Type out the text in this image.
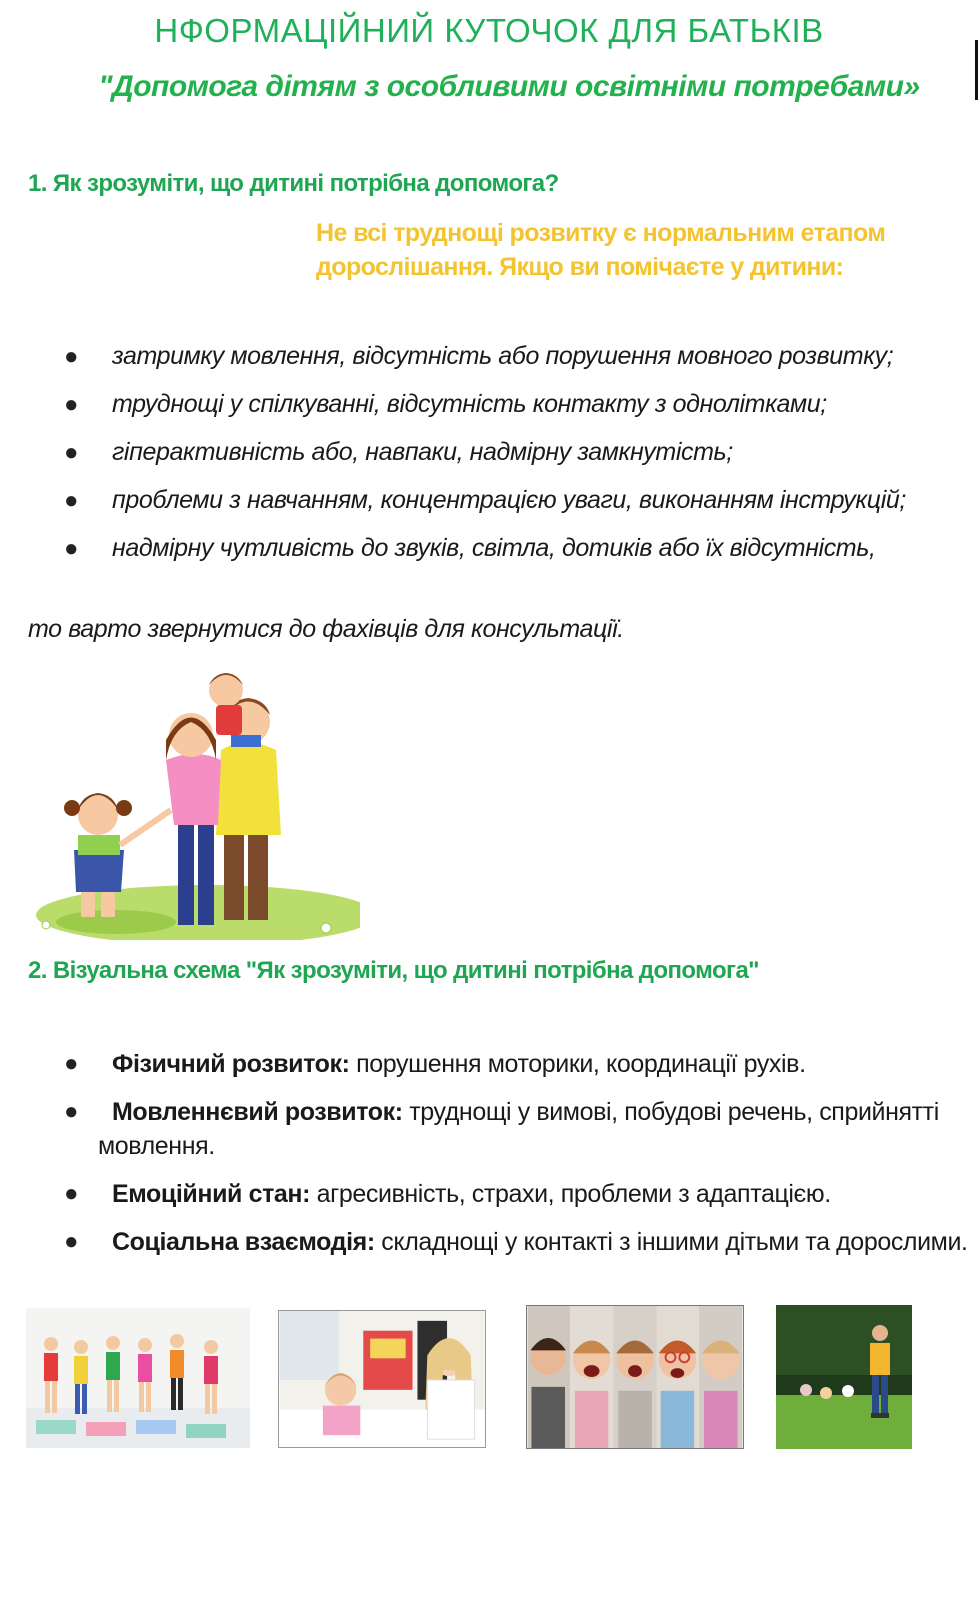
НФОРМАЦІЙНИЙ КУТОЧОК ДЛЯ БАТЬКІВ
"Допомога дітям з особливими освітніми потребами»
1. Як зрозуміти, що дитині потрібна допомога?
Не всі труднощі розвитку є нормальним етапом дорослішання. Якщо ви помічаєте у дитини:
● затримку мовлення, відсутність або порушення мовного розвитку;
● труднощі у спілкуванні, відсутність контакту з однолітками;
● гіперактивність або, навпаки, надмірну замкнутість;
● проблеми з навчанням, концентрацією уваги, виконанням інструкцій;
● надмірну чутливість до звуків, світла, дотиків або їх відсутність,
то варто звернутися до фахівців для консультації.
2. Візуальна схема "Як зрозуміти, що дитині потрібна допомога"
● Фізичний розвиток: порушення моторики, координації рухів.
● Мовленнєвий розвиток: труднощі у вимові, побудові речень, сприйнятті мовлення.
● Емоційний стан: агресивність, страхи, проблеми з адаптацією.
● Соціальна взаємодія: складнощі у контакті з іншими дітьми та дорослими.
